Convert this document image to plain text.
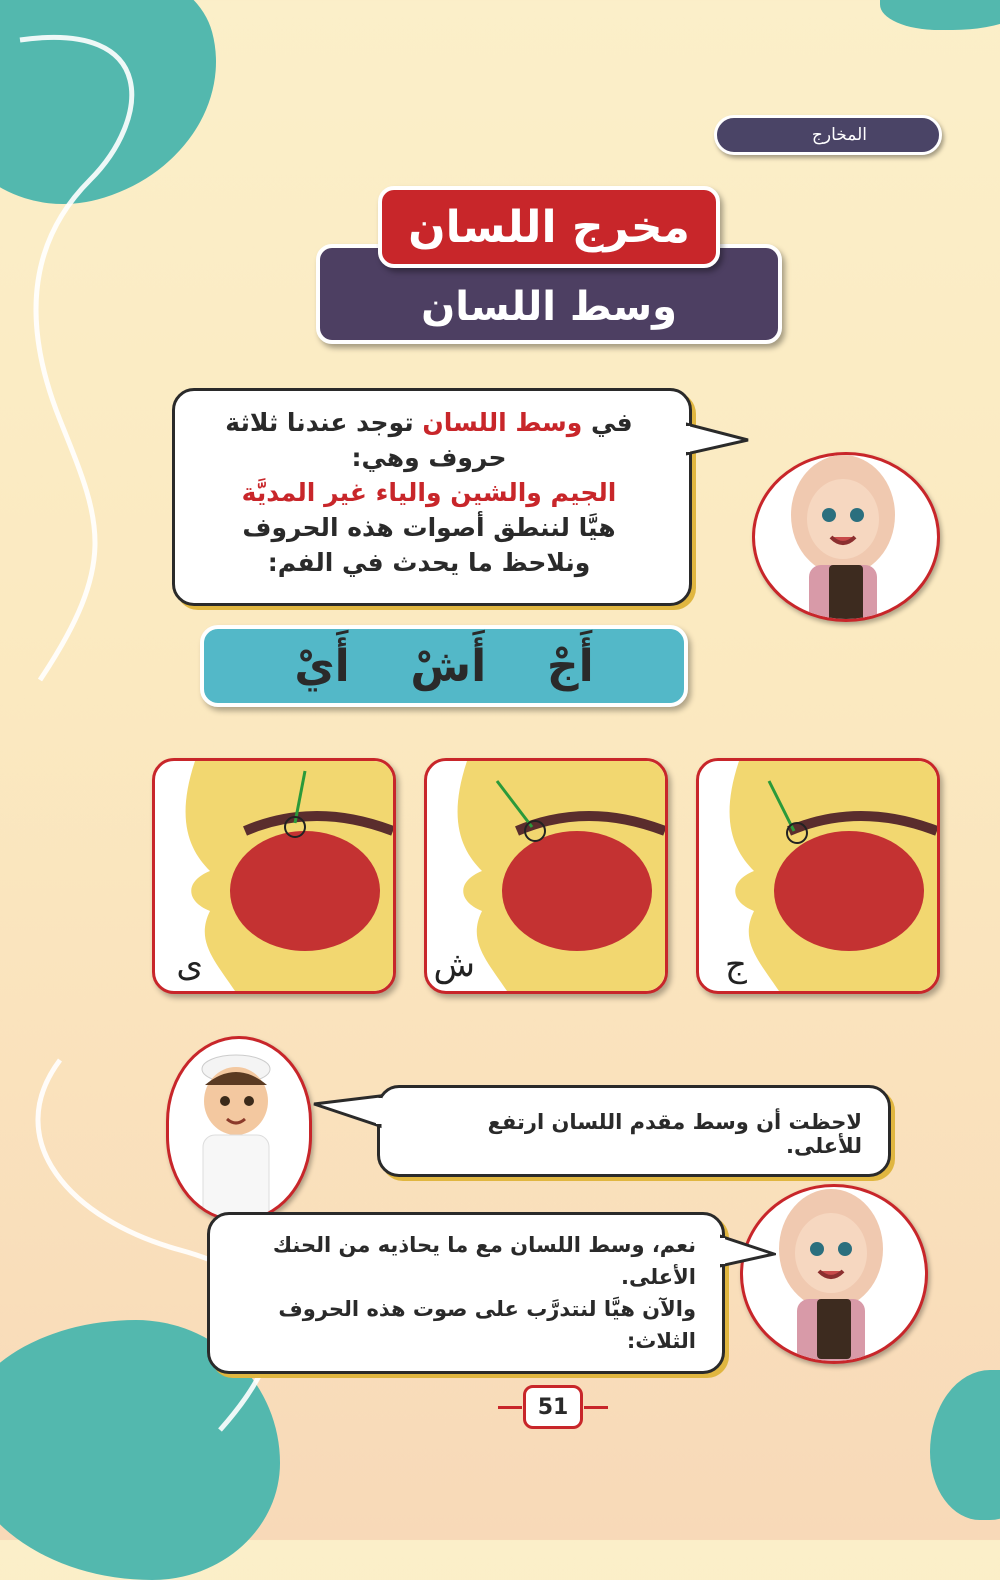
المخارج
مخرج اللسان
وسط اللسان
في وسط اللسان توجد عندنا ثلاثة
حروف وهي:
الجيم والشين والياء غير المديَّة
هيَّا لننطق أصوات هذه الحروف
ونلاحظ ما يحدث في الفم:
أَجْ
أَشْ
أَيْ
ج
ش
ى
لاحظت أن وسط مقدم اللسان ارتفع للأعلى.
نعم، وسط اللسان مع ما يحاذيه من الحنك
الأعلى.
والآن هيَّا لنتدرَّب على صوت هذه الحروف
الثلاث:
51
